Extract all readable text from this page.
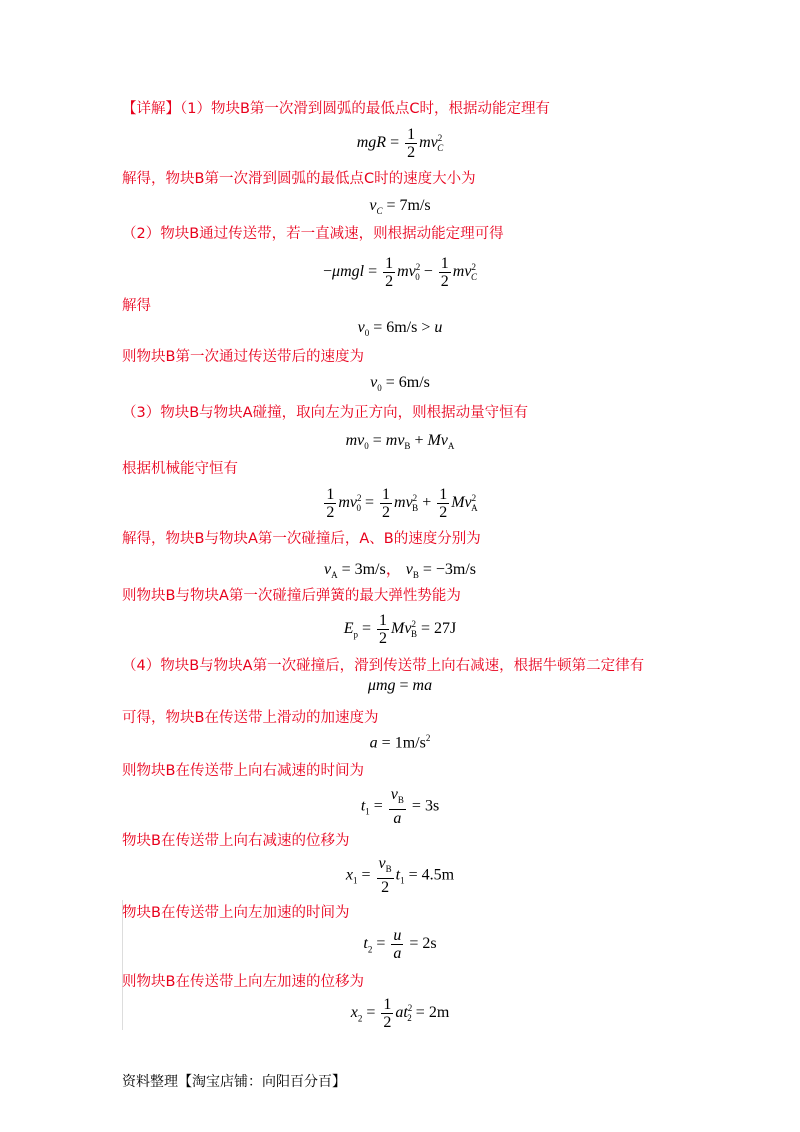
【详解】（1）物块B第一次滑到圆弧的最低点C时，根据动能定理有
mgR = $\frac{1}{2} mv^2_C$
解得，物块B第一次滑到圆弧的最低点C时的速度大小为
$v_C = 7m/s$
（2）物块B通过传送带，若一直减速，则根据动能定理可得
$-\mu mgl = \frac{1}{2} mv^2_0 - \frac{1}{2} mv^2_C$
解得
$v_0 = 6m/s > u$
则物块B第一次通过传送带后的速度为
$v_0 = 6m/s$
（3）物块B与物块A碰撞，取向左为正方向，则根据动量守恒有
$mv_0 = mv_B + Mv_A$
根据机械能守恒有
$\frac{1}{2} mv^2_0 = \frac{1}{2} mv^2_B + \frac{1}{2} Mv^2_A$
解得，物块B与物块A第一次碰撞后，A、B的速度分别为
$v_A = 3m/s$， $v_B = -3m/s$
则物块B与物块A第一次碰撞后弹簧的最大弹性势能为
$E_p = \frac{1}{2} Mv^2_B = 27J$
（4）物块B与物块A第一次碰撞后，滑到传送带上向右减速，根据牛顿第二定律有
μmg = ma
可得，物块B在传送带上滑动的加速度为
$a = 1m/s^2$
则物块B在传送带上向右减速的时间为
$t_1 = \frac{v_B}{a} = 3s$
物块B在传送带上向右减速的位移为
$x_1 = \frac{v_B}{2} t_1 = 4.5m$
物块B在传送带上向左加速的时间为
$t_2 = \frac{u}{a} = 2s$
则物块B在传送带上向左加速的位移为
$x_2 = \frac{1}{2} at^2_2 = 2m$
资料整理【淘宝店铺：向阳百分百】
